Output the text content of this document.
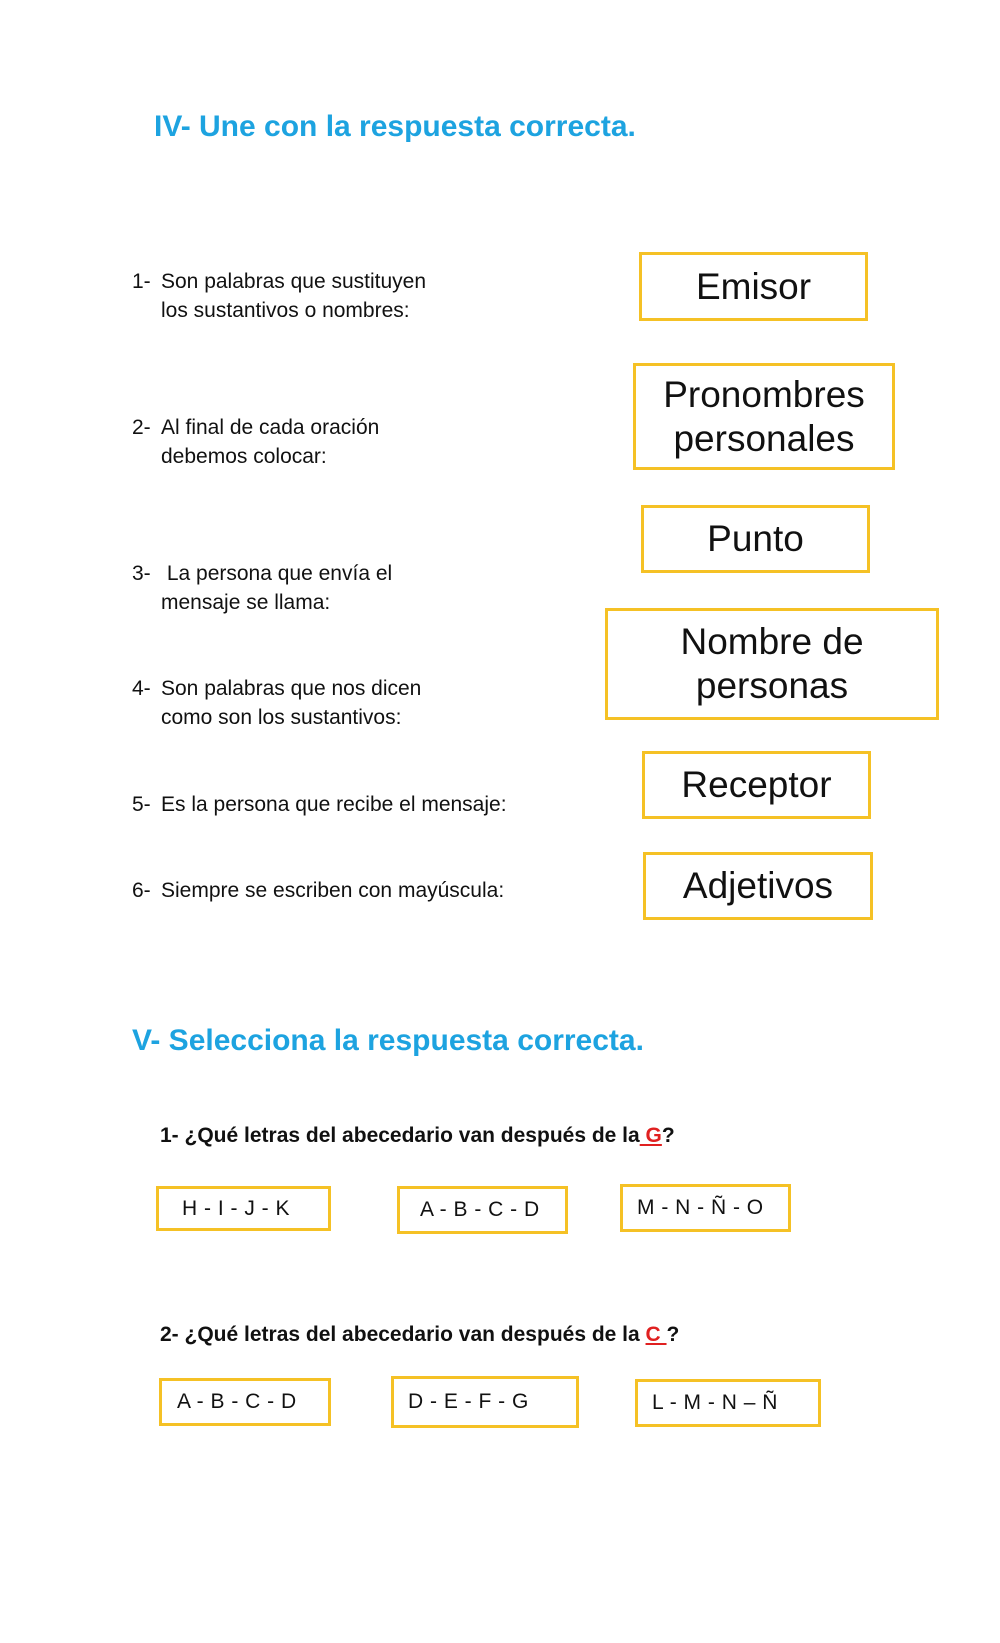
IV- Une con la respuesta correcta.
1- Son palabras que sustituyen
los sustantivos o nombres:
2- Al final de cada oración
debemos colocar:
3- La persona que envía el
mensaje se llama:
4- Son palabras que nos dicen
como son los sustantivos:
5- Es la persona que recibe el mensaje:
6- Siempre se escriben con mayúscula:
Emisor
Pronombres
personales
Punto
Nombre de
personas
Receptor
Adjetivos
V- Selecciona la respuesta correcta.
1- ¿Qué letras del abecedario van después de la G?
H - I - J - K	A - B - C - D	M - N - Ñ - O
2- ¿Qué letras del abecedario van después de la C ?
A - B - C - D	D - E - F - G	L - M - N – Ñ
